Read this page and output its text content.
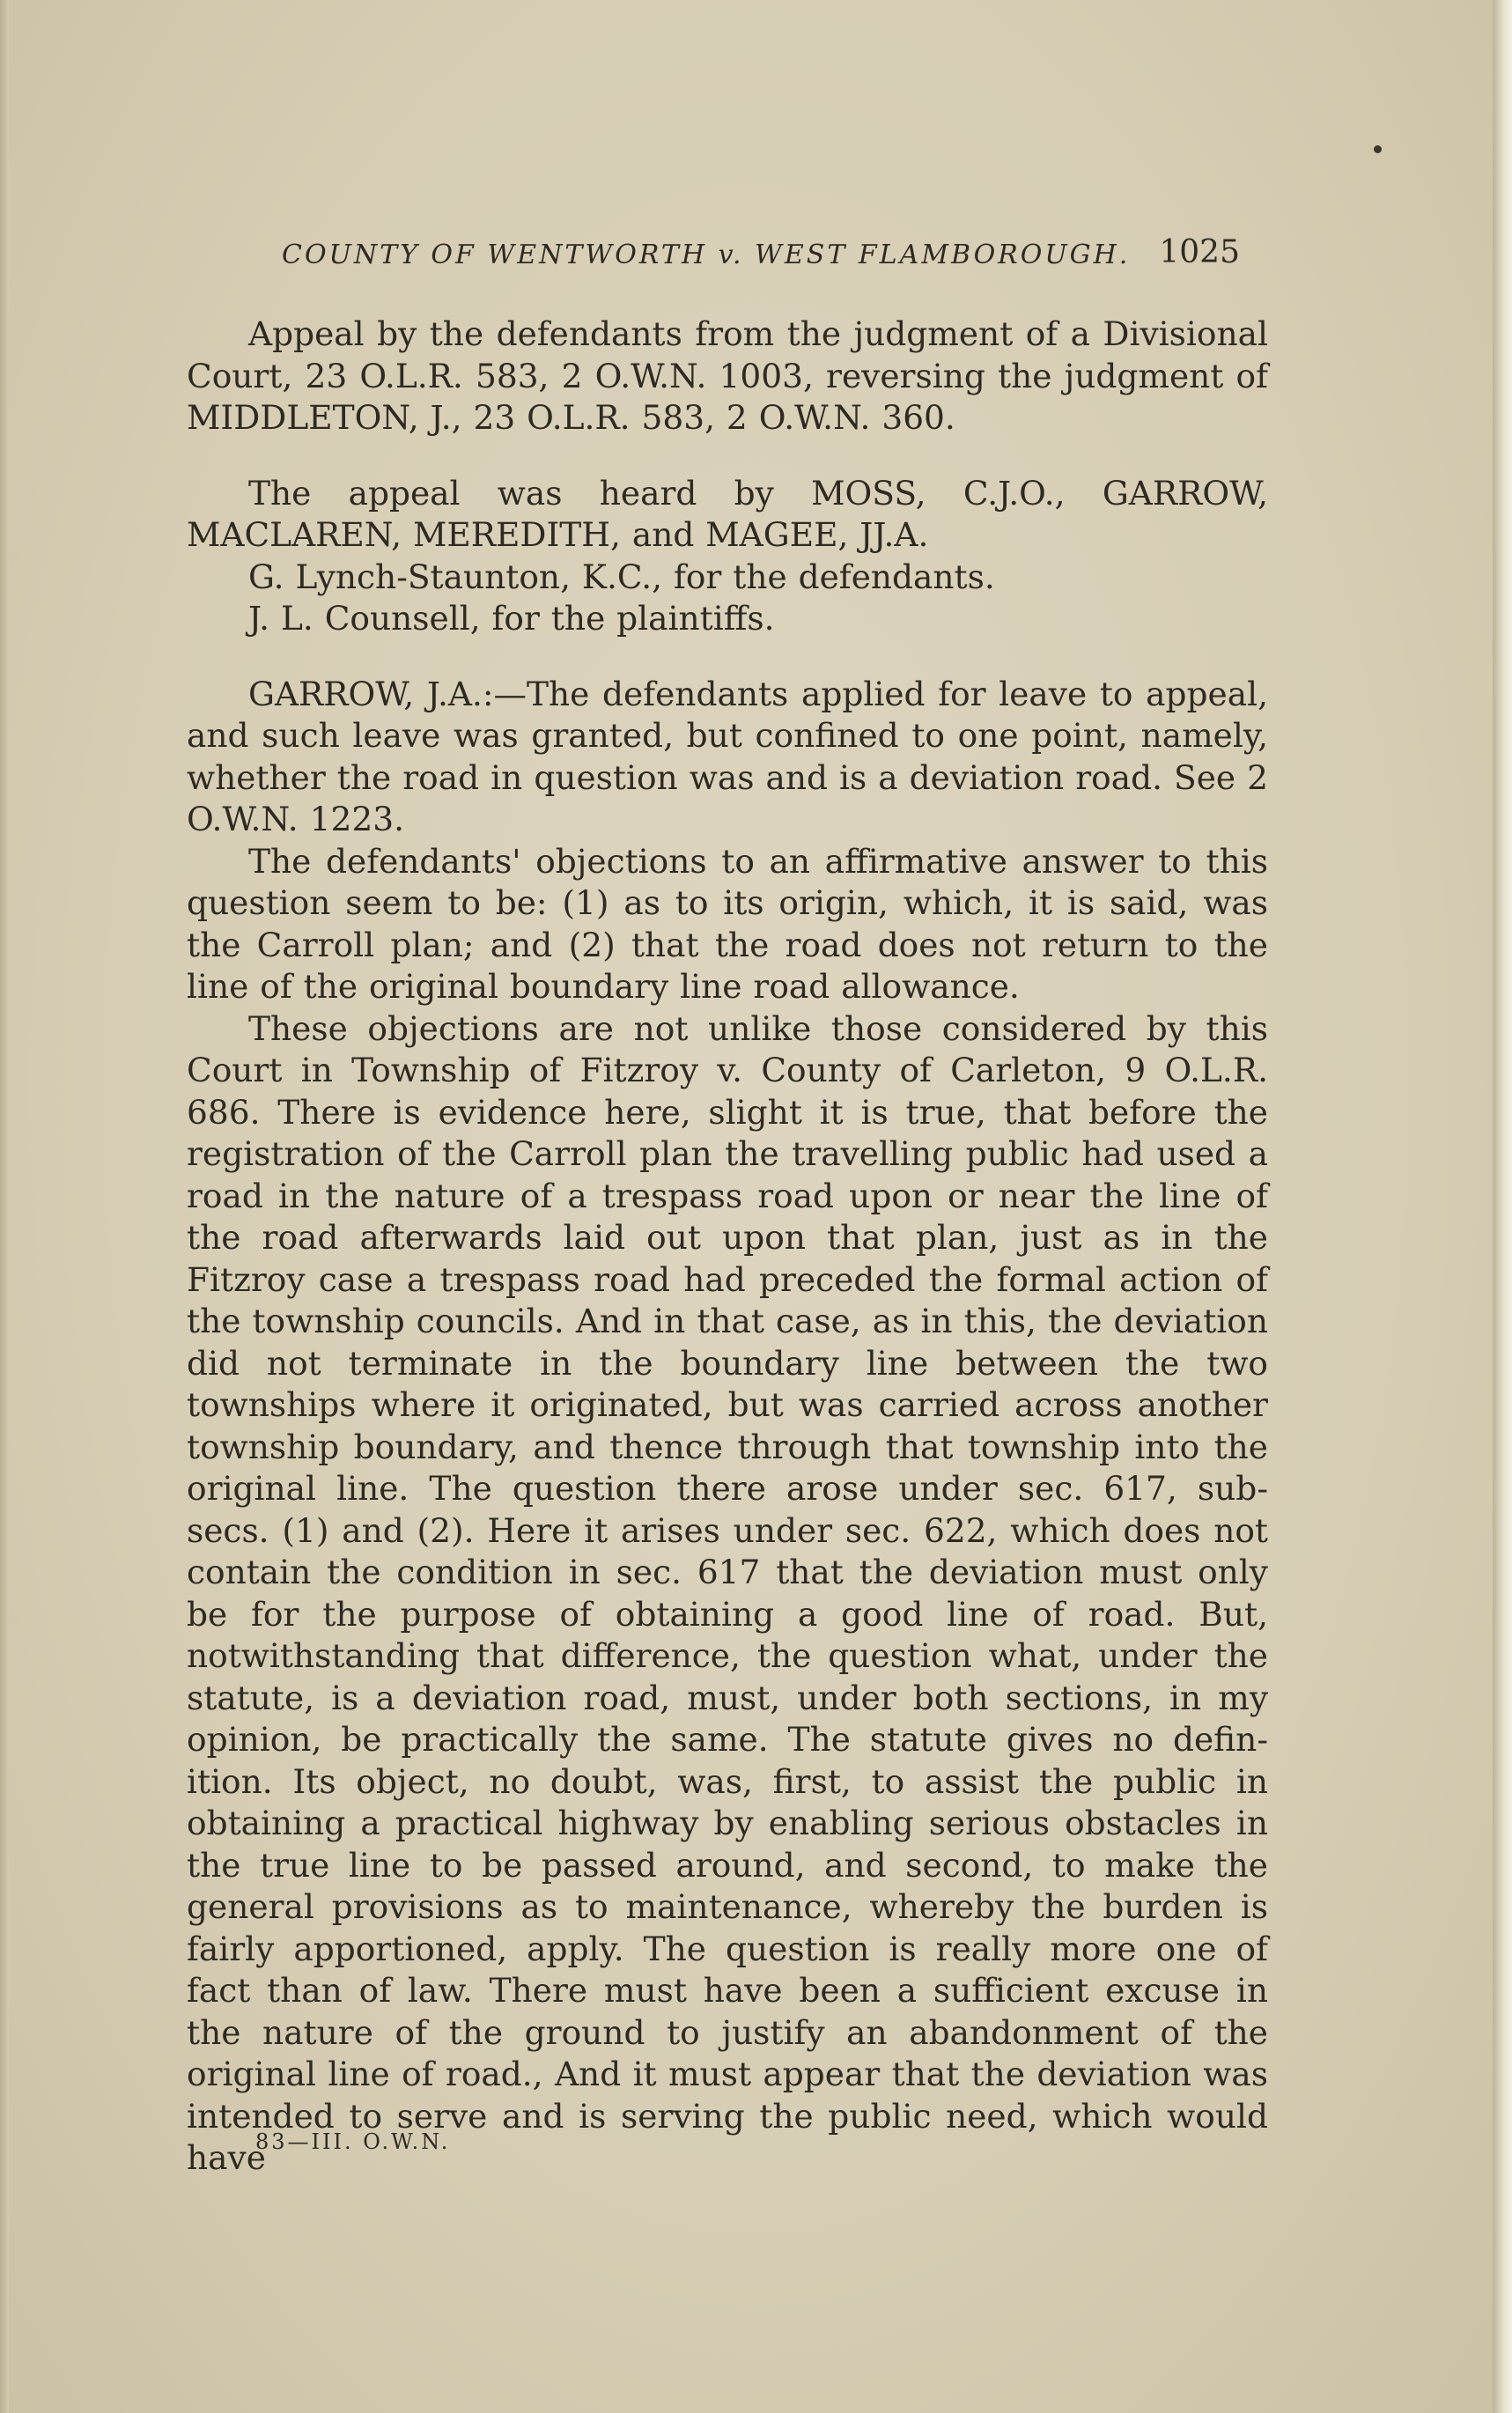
COUNTY OF WENTWORTH v. WEST FLAMBOROUGH. 1025

Appeal by the defendants from the judgment of a Divisional Court, 23 O.L.R. 583, 2 O.W.N. 1003, reversing the judgment of MIDDLETON, J., 23 O.L.R. 583, 2 O.W.N. 360.

The appeal was heard by MOSS, C.J.O., GARROW, MACLAREN, MEREDITH, and MAGEE, JJ.A.

G. Lynch-Staunton, K.C., for the defendants.

J. L. Counsell, for the plaintiffs.

GARROW, J.A.:—The defendants applied for leave to appeal, and such leave was granted, but confined to one point, namely, whether the road in question was and is a deviation road. See 2 O.W.N. 1223.

The defendants' objections to an affirmative answer to this question seem to be: (1) as to its origin, which, it is said, was the Carroll plan; and (2) that the road does not return to the line of the original boundary line road allowance.

These objections are not unlike those considered by this Court in Township of Fitzroy v. County of Carleton, 9 O.L.R. 686. There is evidence here, slight it is true, that before the registration of the Carroll plan the travelling public had used a road in the nature of a trespass road upon or near the line of the road afterwards laid out upon that plan, just as in the Fitzroy case a trespass road had preceded the formal action of the township councils. And in that case, as in this, the deviation did not terminate in the boundary line between the two townships where it originated, but was carried across another township boundary, and thence through that township into the original line. The question there arose under sec. 617, sub-secs. (1) and (2). Here it arises under sec. 622, which does not contain the condition in sec. 617 that the deviation must only be for the purpose of obtaining a good line of road. But, notwithstanding that difference, the question what, under the statute, is a deviation road, must, under both sections, in my opinion, be practically the same. The statute gives no definition. Its object, no doubt, was, first, to assist the public in obtaining a practical highway by enabling serious obstacles in the true line to be passed around, and second, to make the general provisions as to maintenance, whereby the burden is fairly apportioned, apply. The question is really more one of fact than of law. There must have been a sufficient excuse in the nature of the ground to justify an abandonment of the original line of road., And it must appear that the deviation was intended to serve and is serving the public need, which would have

83—III. O.W.N.
